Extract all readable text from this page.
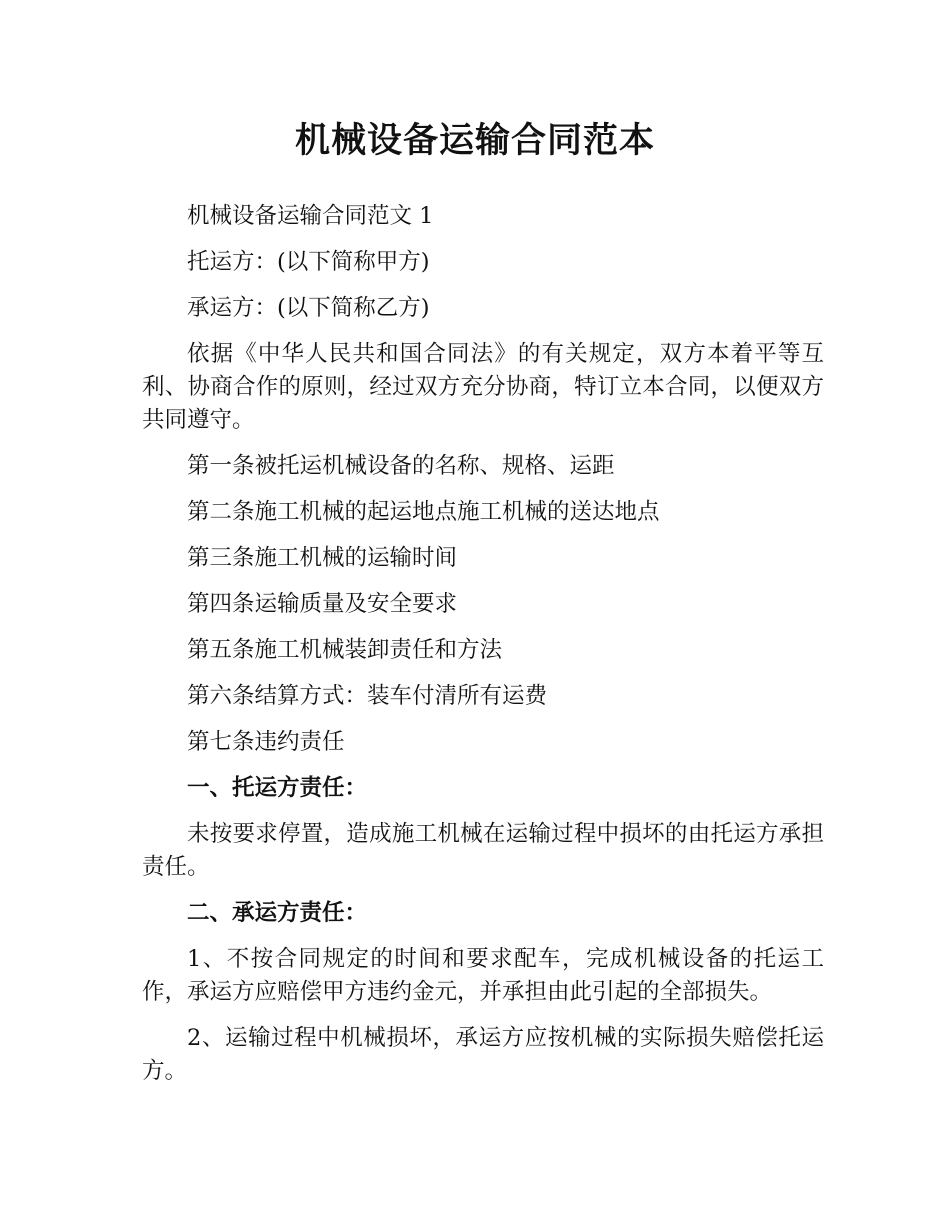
机械设备运输合同范本

机械设备运输合同范文 1

托运方：(以下简称甲方)

承运方：(以下简称乙方)

依据《中华人民共和国合同法》的有关规定，双方本着平等互利、协商合作的原则，经过双方充分协商，特订立本合同，以便双方共同遵守。

第一条被托运机械设备的名称、规格、运距

第二条施工机械的起运地点施工机械的送达地点

第三条施工机械的运输时间

第四条运输质量及安全要求

第五条施工机械装卸责任和方法

第六条结算方式：装车付清所有运费

第七条违约责任

一、托运方责任：

未按要求停置，造成施工机械在运输过程中损坏的由托运方承担责任。

二、承运方责任：

1、不按合同规定的时间和要求配车，完成机械设备的托运工作，承运方应赔偿甲方违约金元，并承担由此引起的全部损失。

2、运输过程中机械损坏，承运方应按机械的实际损失赔偿托运方。
